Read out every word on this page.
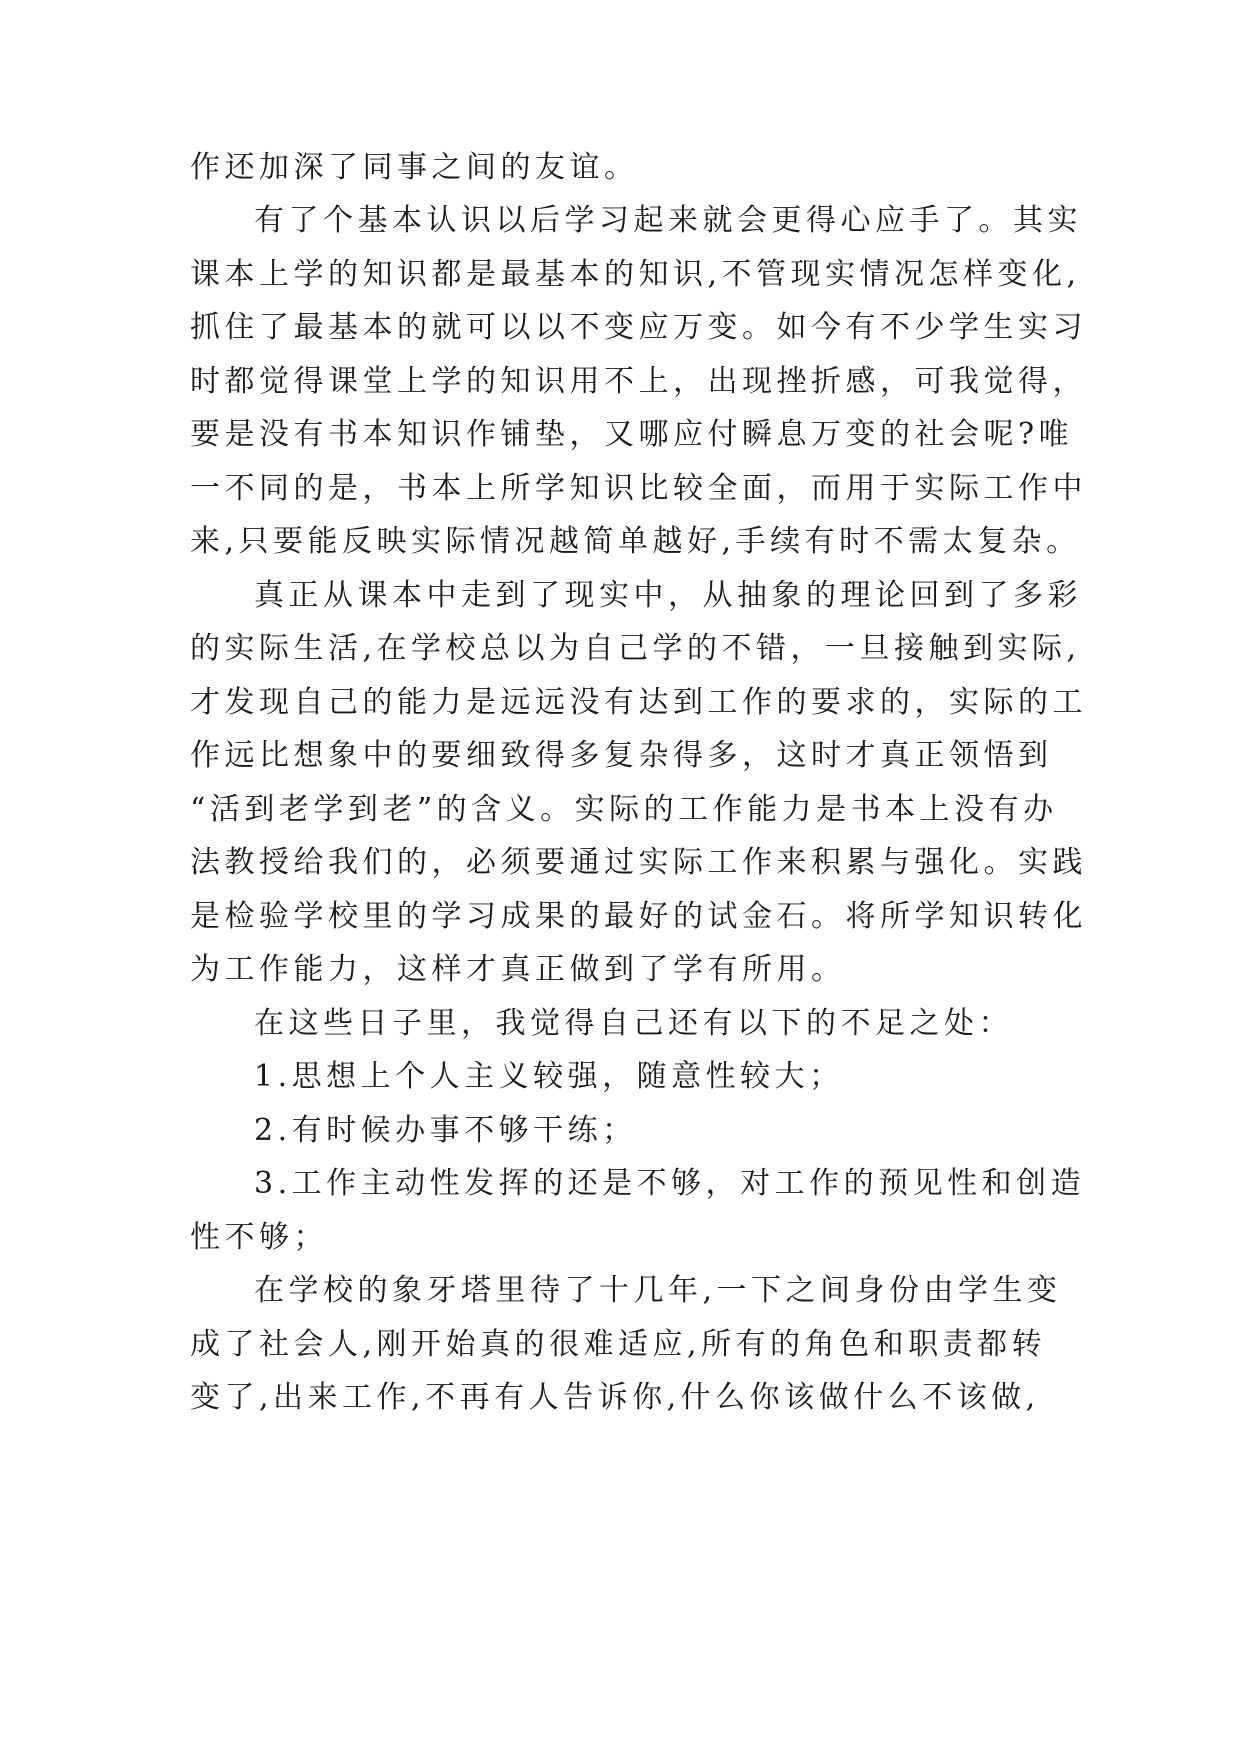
作还加深了同事之间的友谊。

有了个基本认识以后学习起来就会更得心应手了。其实

课本上学的知识都是最基本的知识,不管现实情况怎样变化,

抓住了最基本的就可以以不变应万变。如今有不少学生实习

时都觉得课堂上学的知识用不上，出现挫折感，可我觉得，

要是没有书本知识作铺垫，又哪应付瞬息万变的社会呢?唯

一不同的是，书本上所学知识比较全面，而用于实际工作中

来,只要能反映实际情况越简单越好,手续有时不需太复杂。

真正从课本中走到了现实中，从抽象的理论回到了多彩

的实际生活,在学校总以为自己学的不错，一旦接触到实际,

才发现自己的能力是远远没有达到工作的要求的，实际的工

作远比想象中的要细致得多复杂得多，这时才真正领悟到

“活到老学到老”的含义。实际的工作能力是书本上没有办

法教授给我们的，必须要通过实际工作来积累与强化。实践

是检验学校里的学习成果的最好的试金石。将所学知识转化

为工作能力，这样才真正做到了学有所用。

在这些日子里，我觉得自己还有以下的不足之处：

1.思想上个人主义较强，随意性较大；

2.有时候办事不够干练；

3.工作主动性发挥的还是不够，对工作的预见性和创造

性不够；

在学校的象牙塔里待了十几年,一下之间身份由学生变

成了社会人,刚开始真的很难适应,所有的角色和职责都转

变了,出来工作,不再有人告诉你,什么你该做什么不该做,
